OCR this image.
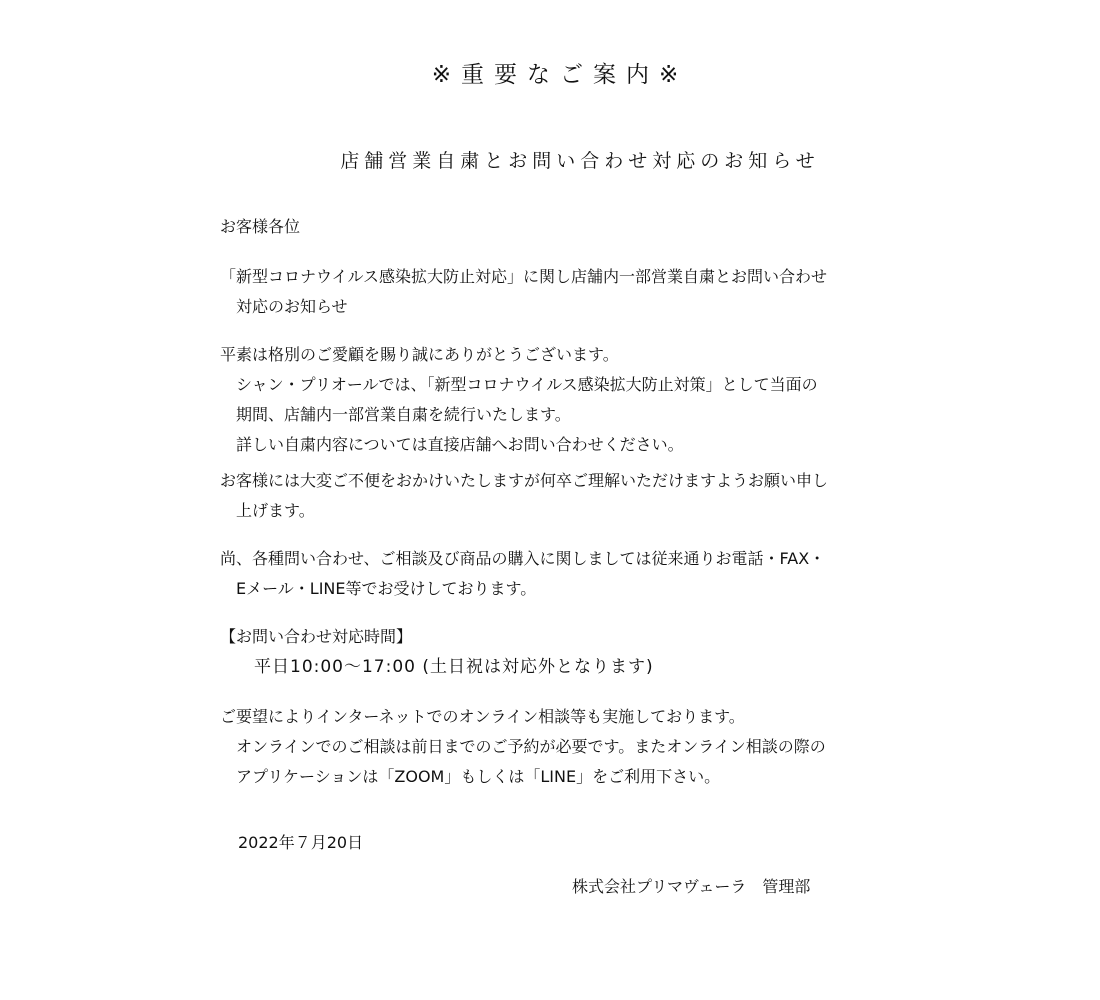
※重要なご案内※
店舗営業自粛とお問い合わせ対応のお知らせ
お客様各位
「新型コロナウイルス感染拡大防止対応」に関し店舗内一部営業自粛とお問い合わせ
対応のお知らせ
平素は格別のご愛顧を賜り誠にありがとうございます。
シャン・プリオールでは、「新型コロナウイルス感染拡大防止対策」として当面の
期間、店舗内一部営業自粛を続行いたします。
詳しい自粛内容については直接店舗へお問い合わせください。
お客様には大変ご不便をおかけいたしますが何卒ご理解いただけますようお願い申し
上げます。
尚、各種問い合わせ、ご相談及び商品の購入に関しましては従来通りお電話・FAX・
Eメール・LINE等でお受けしております。
【お問い合わせ対応時間】
平日10:00〜17:00 (土日祝は対応外となります)
ご要望によりインターネットでのオンライン相談等も実施しております。
オンラインでのご相談は前日までのご予約が必要です。またオンライン相談の際の
アプリケーションは「ZOOM」もしくは「LINE」をご利用下さい。
2022年７月20日
株式会社プリマヴェーラ　管理部
